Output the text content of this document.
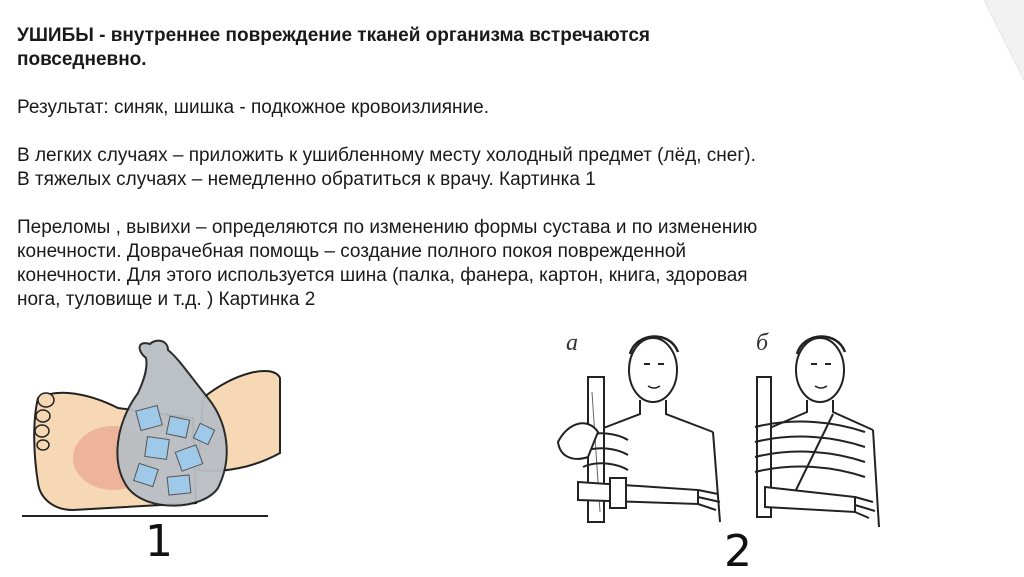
УШИБЫ - внутреннее повреждение тканей организма встречаются

повседневно.

Результат: синяк, шишка - подкожное кровоизлияние.

В легких случаях – приложить к ушибленному месту холодный предмет (лёд, снег).

В тяжелых случаях – немедленно обратиться к врачу. Картинка 1

Переломы , вывихи – определяются по изменению формы сустава и по изменению

конечности. Доврачебная помощь – создание полного покоя поврежденной

конечности. Для этого используется шина (палка, фанера, картон, книга, здоровая

нога, туловище и т.д. ) Картинка 2

1
а	б
2
